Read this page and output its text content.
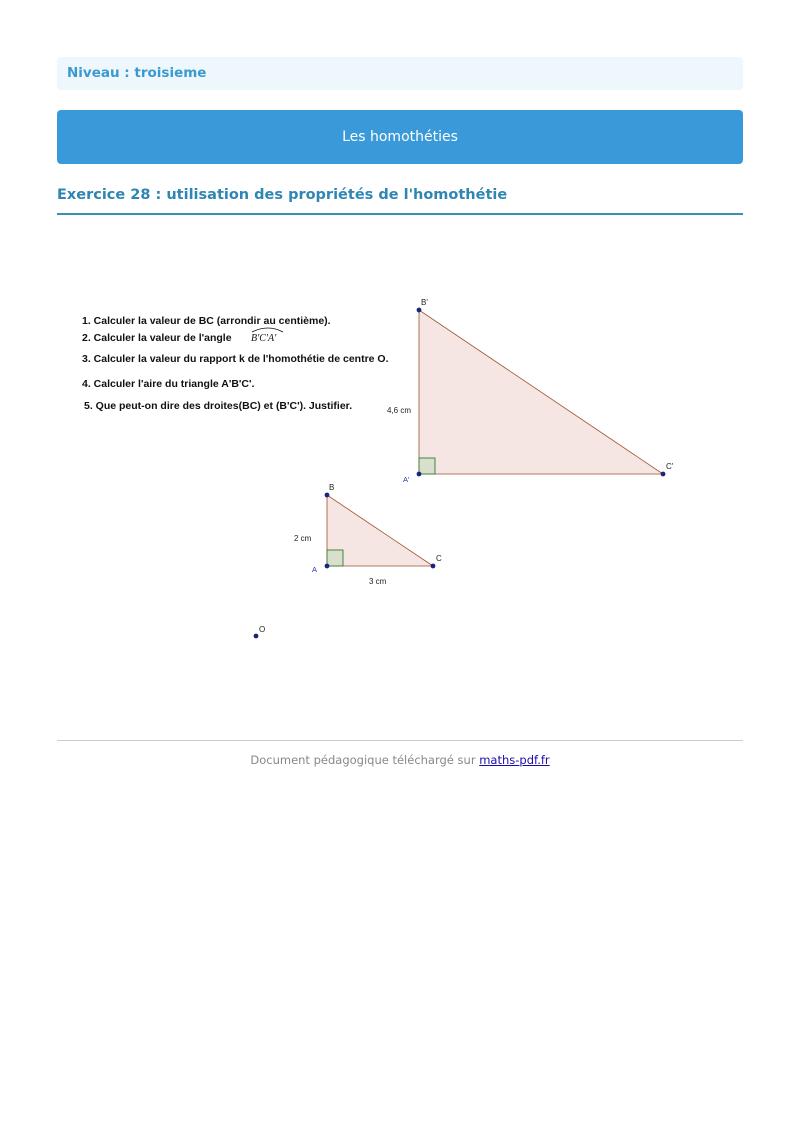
Niveau : troisieme
Les homothéties
Exercice 28 : utilisation des propriétés de l'homothétie
1. Calculer la valeur de BC (arrondir au centième).
2. Calculer la valeur de l'angle B'C'A'
3. Calculer la valeur du rapport k de l'homothétie de centre O.
4. Calculer l'aire du triangle A'B'C'.
5. Que peut-on dire des droites(BC) et (B'C'). Justifier.
B'
C'
A'
4,6 cm
B
C
A
2 cm
3 cm
O
Document pédagogique téléchargé sur maths-pdf.fr
